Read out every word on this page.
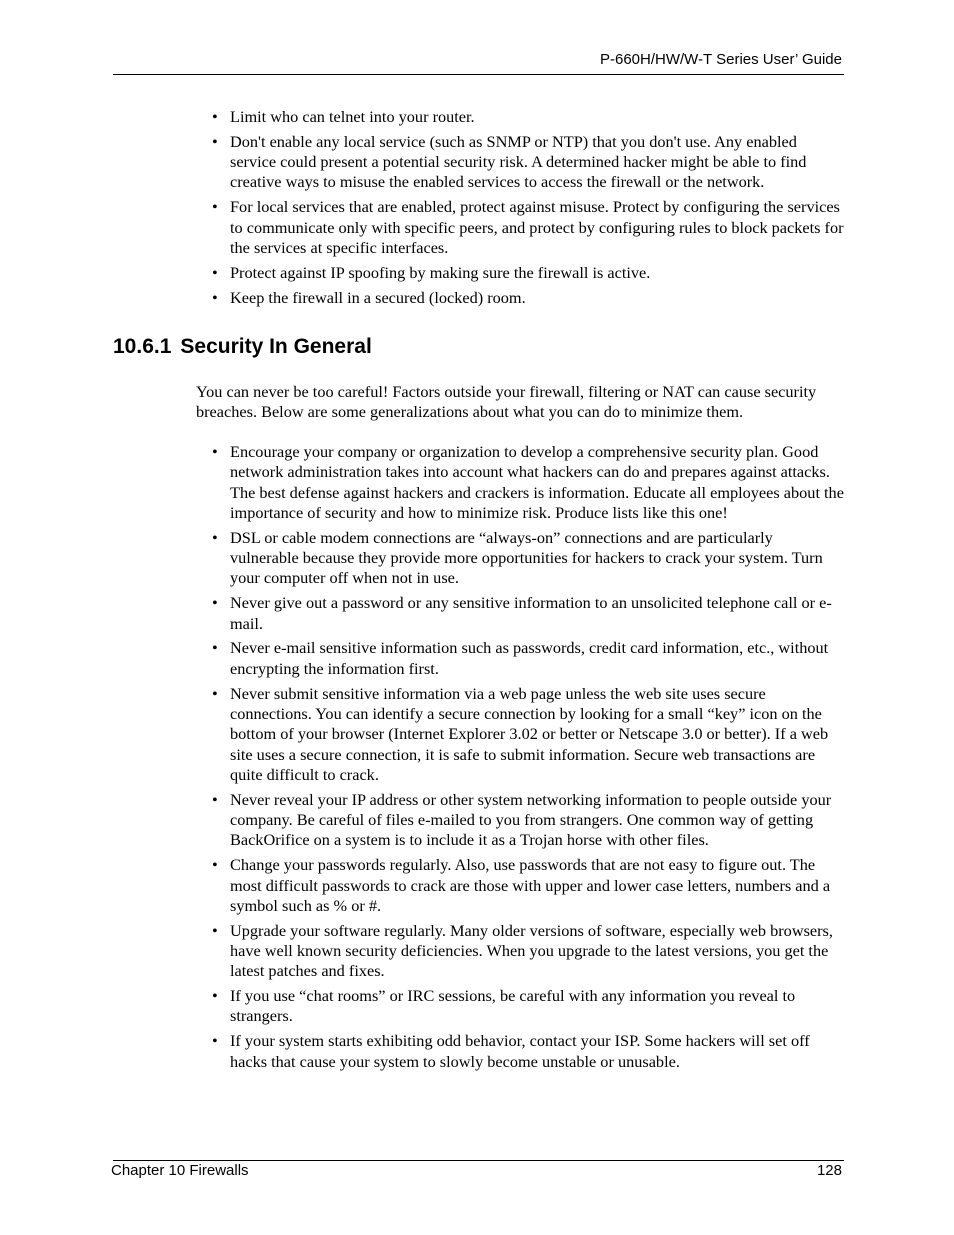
P-660H/HW/W-T Series User’ Guide
• Limit who can telnet into your router.
• Don't enable any local service (such as SNMP or NTP) that you don't use. Any enabled service could present a potential security risk. A determined hacker might be able to find creative ways to misuse the enabled services to access the firewall or the network.
• For local services that are enabled, protect against misuse. Protect by configuring the services to communicate only with specific peers, and protect by configuring rules to block packets for the services at specific interfaces.
• Protect against IP spoofing by making sure the firewall is active.
• Keep the firewall in a secured (locked) room.
10.6.1 Security In General

You can never be too careful! Factors outside your firewall, filtering or NAT can cause security breaches. Below are some generalizations about what you can do to minimize them.

• Encourage your company or organization to develop a comprehensive security plan. Good network administration takes into account what hackers can do and prepares against attacks. The best defense against hackers and crackers is information. Educate all employees about the importance of security and how to minimize risk. Produce lists like this one!
• DSL or cable modem connections are “always-on” connections and are particularly vulnerable because they provide more opportunities for hackers to crack your system. Turn your computer off when not in use.
• Never give out a password or any sensitive information to an unsolicited telephone call or e-mail.
• Never e-mail sensitive information such as passwords, credit card information, etc., without encrypting the information first.
• Never submit sensitive information via a web page unless the web site uses secure connections. You can identify a secure connection by looking for a small “key” icon on the bottom of your browser (Internet Explorer 3.02 or better or Netscape 3.0 or better). If a web site uses a secure connection, it is safe to submit information. Secure web transactions are quite difficult to crack.
• Never reveal your IP address or other system networking information to people outside your company. Be careful of files e-mailed to you from strangers. One common way of getting BackOrifice on a system is to include it as a Trojan horse with other files.
• Change your passwords regularly. Also, use passwords that are not easy to figure out. The most difficult passwords to crack are those with upper and lower case letters, numbers and a symbol such as % or #.
• Upgrade your software regularly. Many older versions of software, especially web browsers, have well known security deficiencies. When you upgrade to the latest versions, you get the latest patches and fixes.
• If you use “chat rooms” or IRC sessions, be careful with any information you reveal to strangers.
• If your system starts exhibiting odd behavior, contact your ISP. Some hackers will set off hacks that cause your system to slowly become unstable or unusable.
Chapter 10 Firewalls	128
